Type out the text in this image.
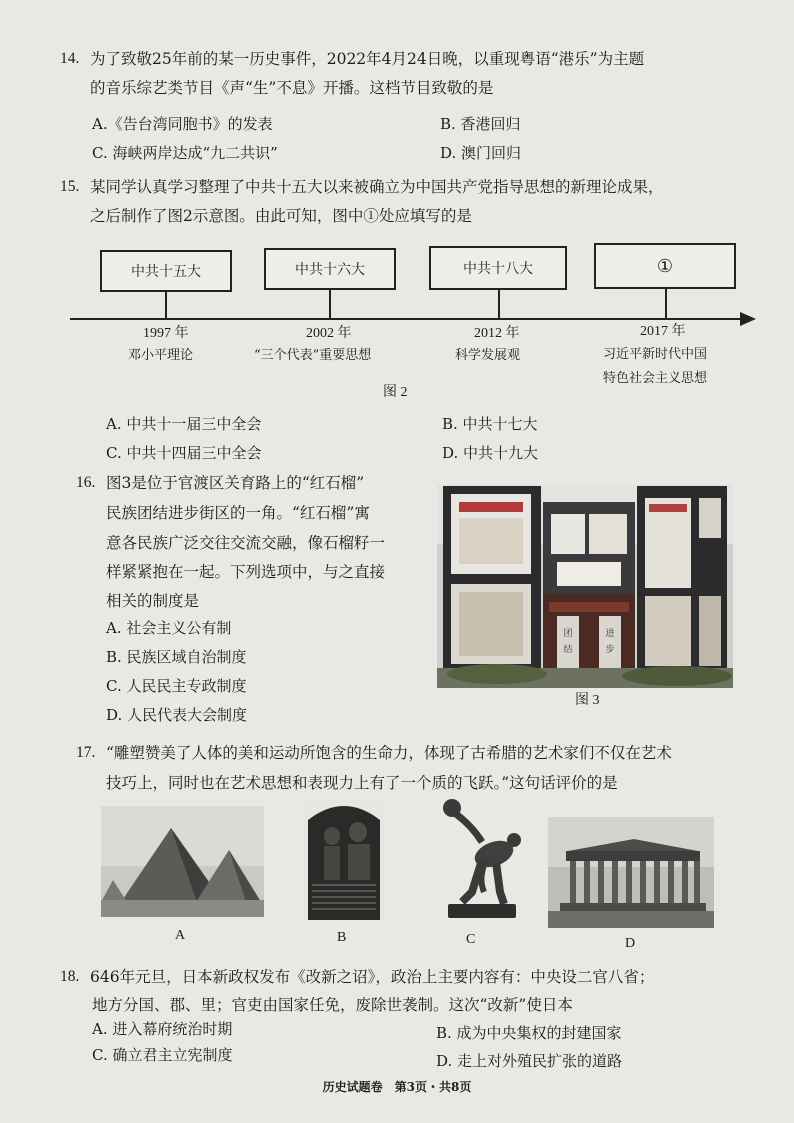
14. 为了致敬25年前的某一历史事件，2022年4月24日晚，以重现粤语“港乐”为主题
的音乐综艺类节目《声“生”不息》开播。这档节目致敬的是
A.《告台湾同胞书》的发表	B. 香港回归
C. 海峡两岸达成“九二共识”	D. 澳门回归
15. 某同学认真学习整理了中共十五大以来被确立为中国共产党指导思想的新理论成果，
之后制作了图2示意图。由此可知，图中①处应填写的是
中共十五大	中共十六大	中共十八大	①
1997 年	2002 年	2012 年	2017 年
邓小平理论	“三个代表”重要思想	科学发展观	习近平新时代中国
特色社会主义思想
图 2
A. 中共十一届三中全会	B. 中共十七大
C. 中共十四届三中全会	D. 中共十九大
16. 图3是位于官渡区关育路上的“红石榴”
民族团结进步街区的一角。“红石榴”寓
意各民族广泛交往交流交融，像石榴籽一
样紧紧抱在一起。下列选项中，与之直接
相关的制度是
A. 社会主义公有制
B. 民族区域自治制度
C. 人民民主专政制度
D. 人民代表大会制度
团
结
进
步
图 3
17. “雕塑赞美了人体的美和运动所饱含的生命力，体现了古希腊的艺术家们不仅在艺术
技巧上，同时也在艺术思想和表现力上有了一个质的飞跃。”这句话评价的是
A	B	C	D
18. 646年元旦，日本新政权发布《改新之诏》，政治上主要内容有：中央设二官八省；
地方分国、郡、里；官吏由国家任免，废除世袭制。这次“改新”使日本
A. 进入幕府统治时期	B. 成为中央集权的封建国家
C. 确立君主立宪制度	D. 走上对外殖民扩张的道路
历史试题卷　第3页・共8页
